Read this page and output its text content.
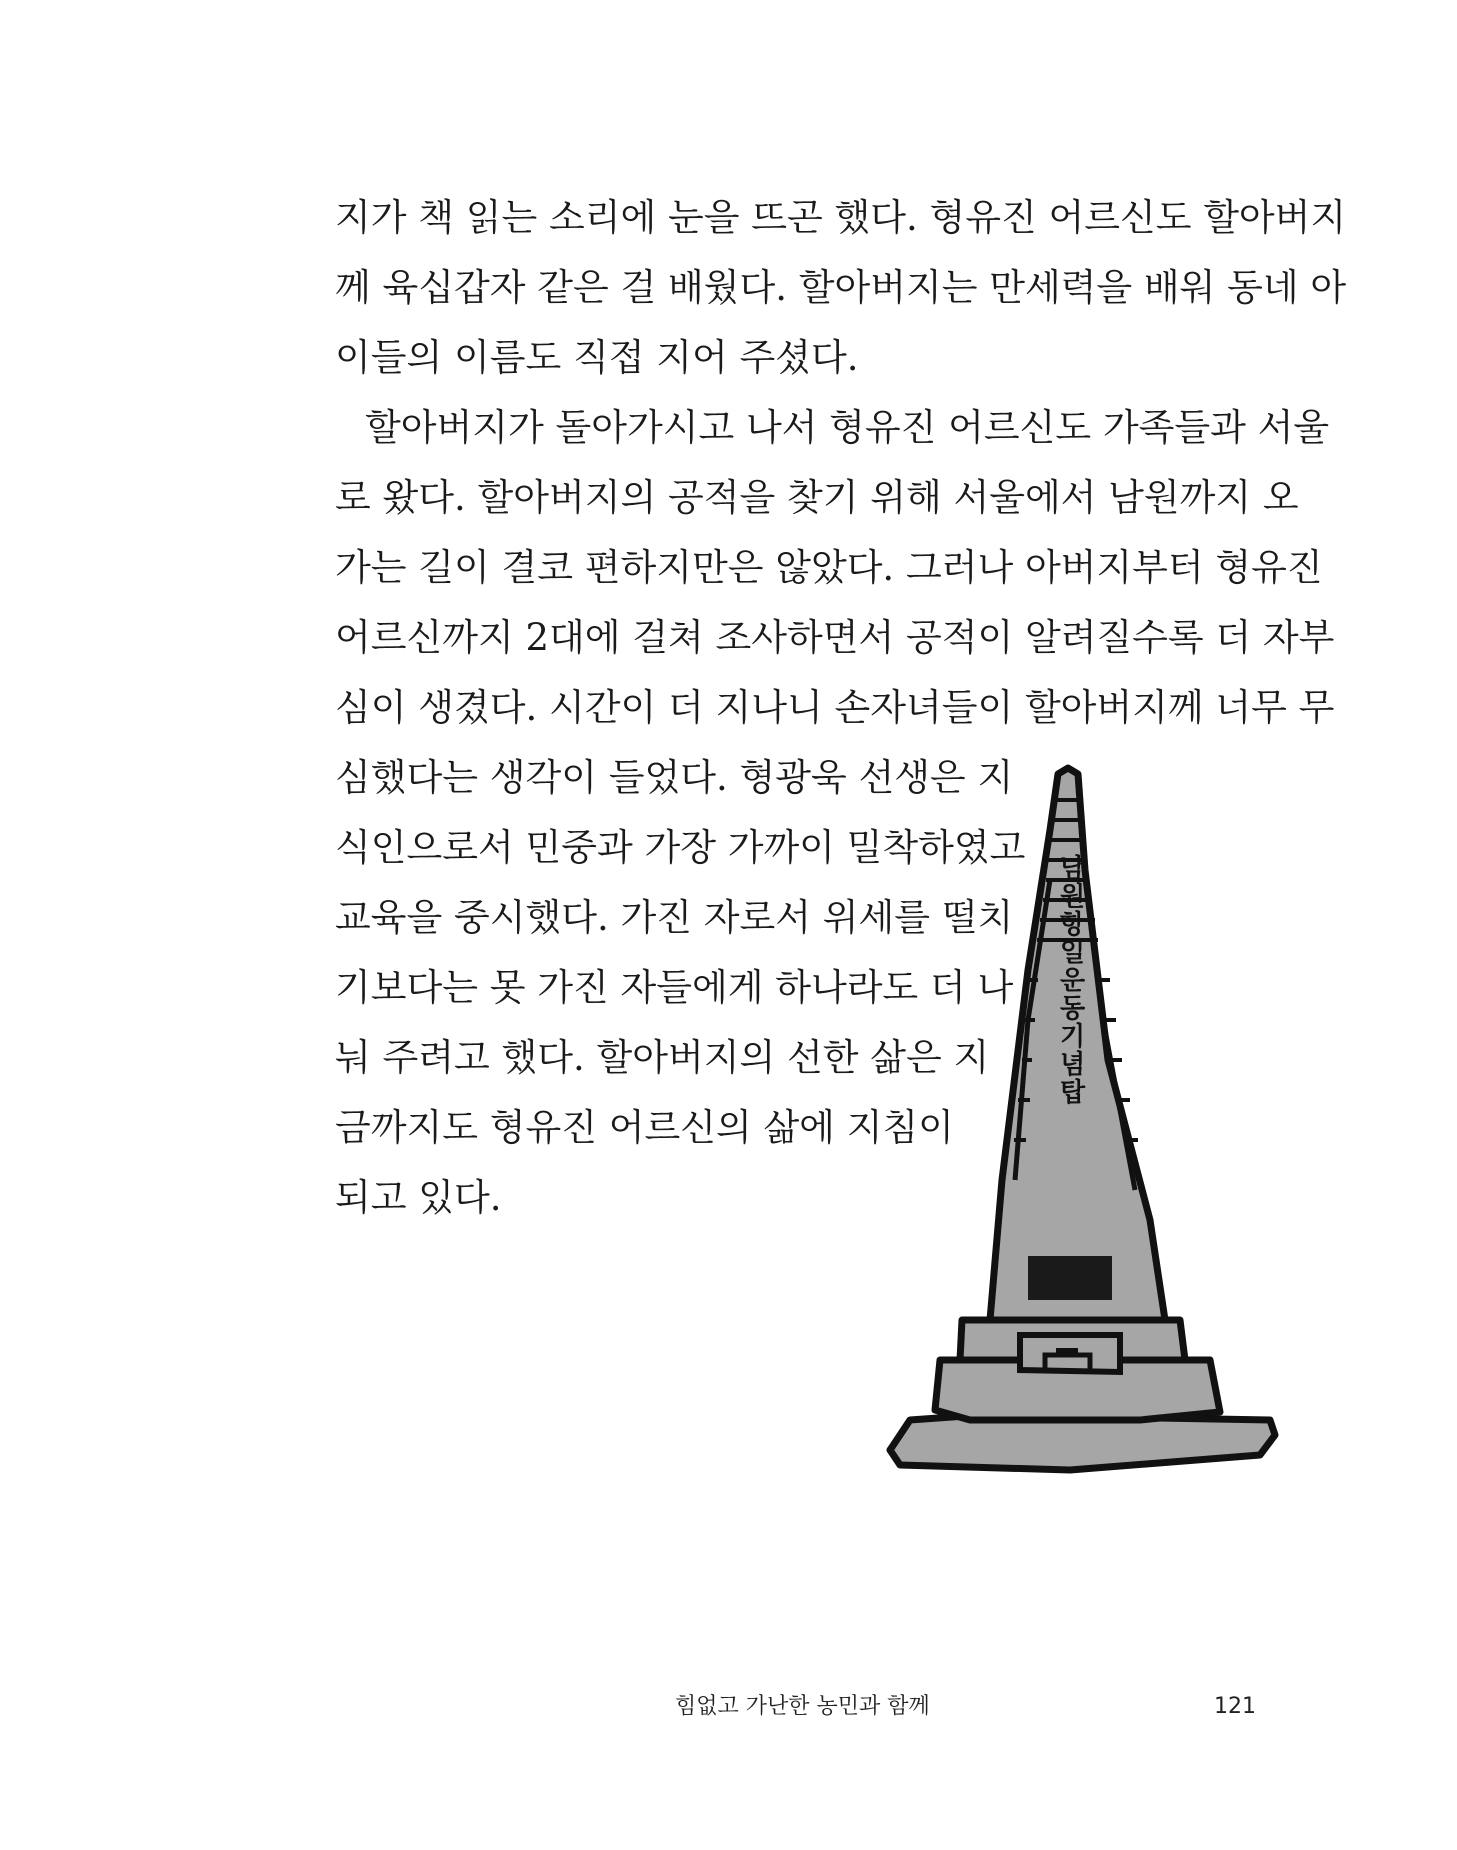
지가 책 읽는 소리에 눈을 뜨곤 했다. 형유진 어르신도 할아버지
께 육십갑자 같은 걸 배웠다. 할아버지는 만세력을 배워 동네 아
이들의 이름도 직접 지어 주셨다.
할아버지가 돌아가시고 나서 형유진 어르신도 가족들과 서울
로 왔다. 할아버지의 공적을 찾기 위해 서울에서 남원까지 오
가는 길이 결코 편하지만은 않았다. 그러나 아버지부터 형유진
어르신까지 2대에 걸쳐 조사하면서 공적이 알려질수록 더 자부
심이 생겼다. 시간이 더 지나니 손자녀들이 할아버지께 너무 무
심했다는 생각이 들었다. 형광욱 선생은 지
식인으로서 민중과 가장 가까이 밀착하였고
교육을 중시했다. 가진 자로서 위세를 떨치
기보다는 못 가진 자들에게 하나라도 더 나
눠 주려고 했다. 할아버지의 선한 삶은 지
금까지도 형유진 어르신의 삶에 지침이
되고 있다.
남원항일운동기념탑
힘없고 가난한 농민과 함께	121
